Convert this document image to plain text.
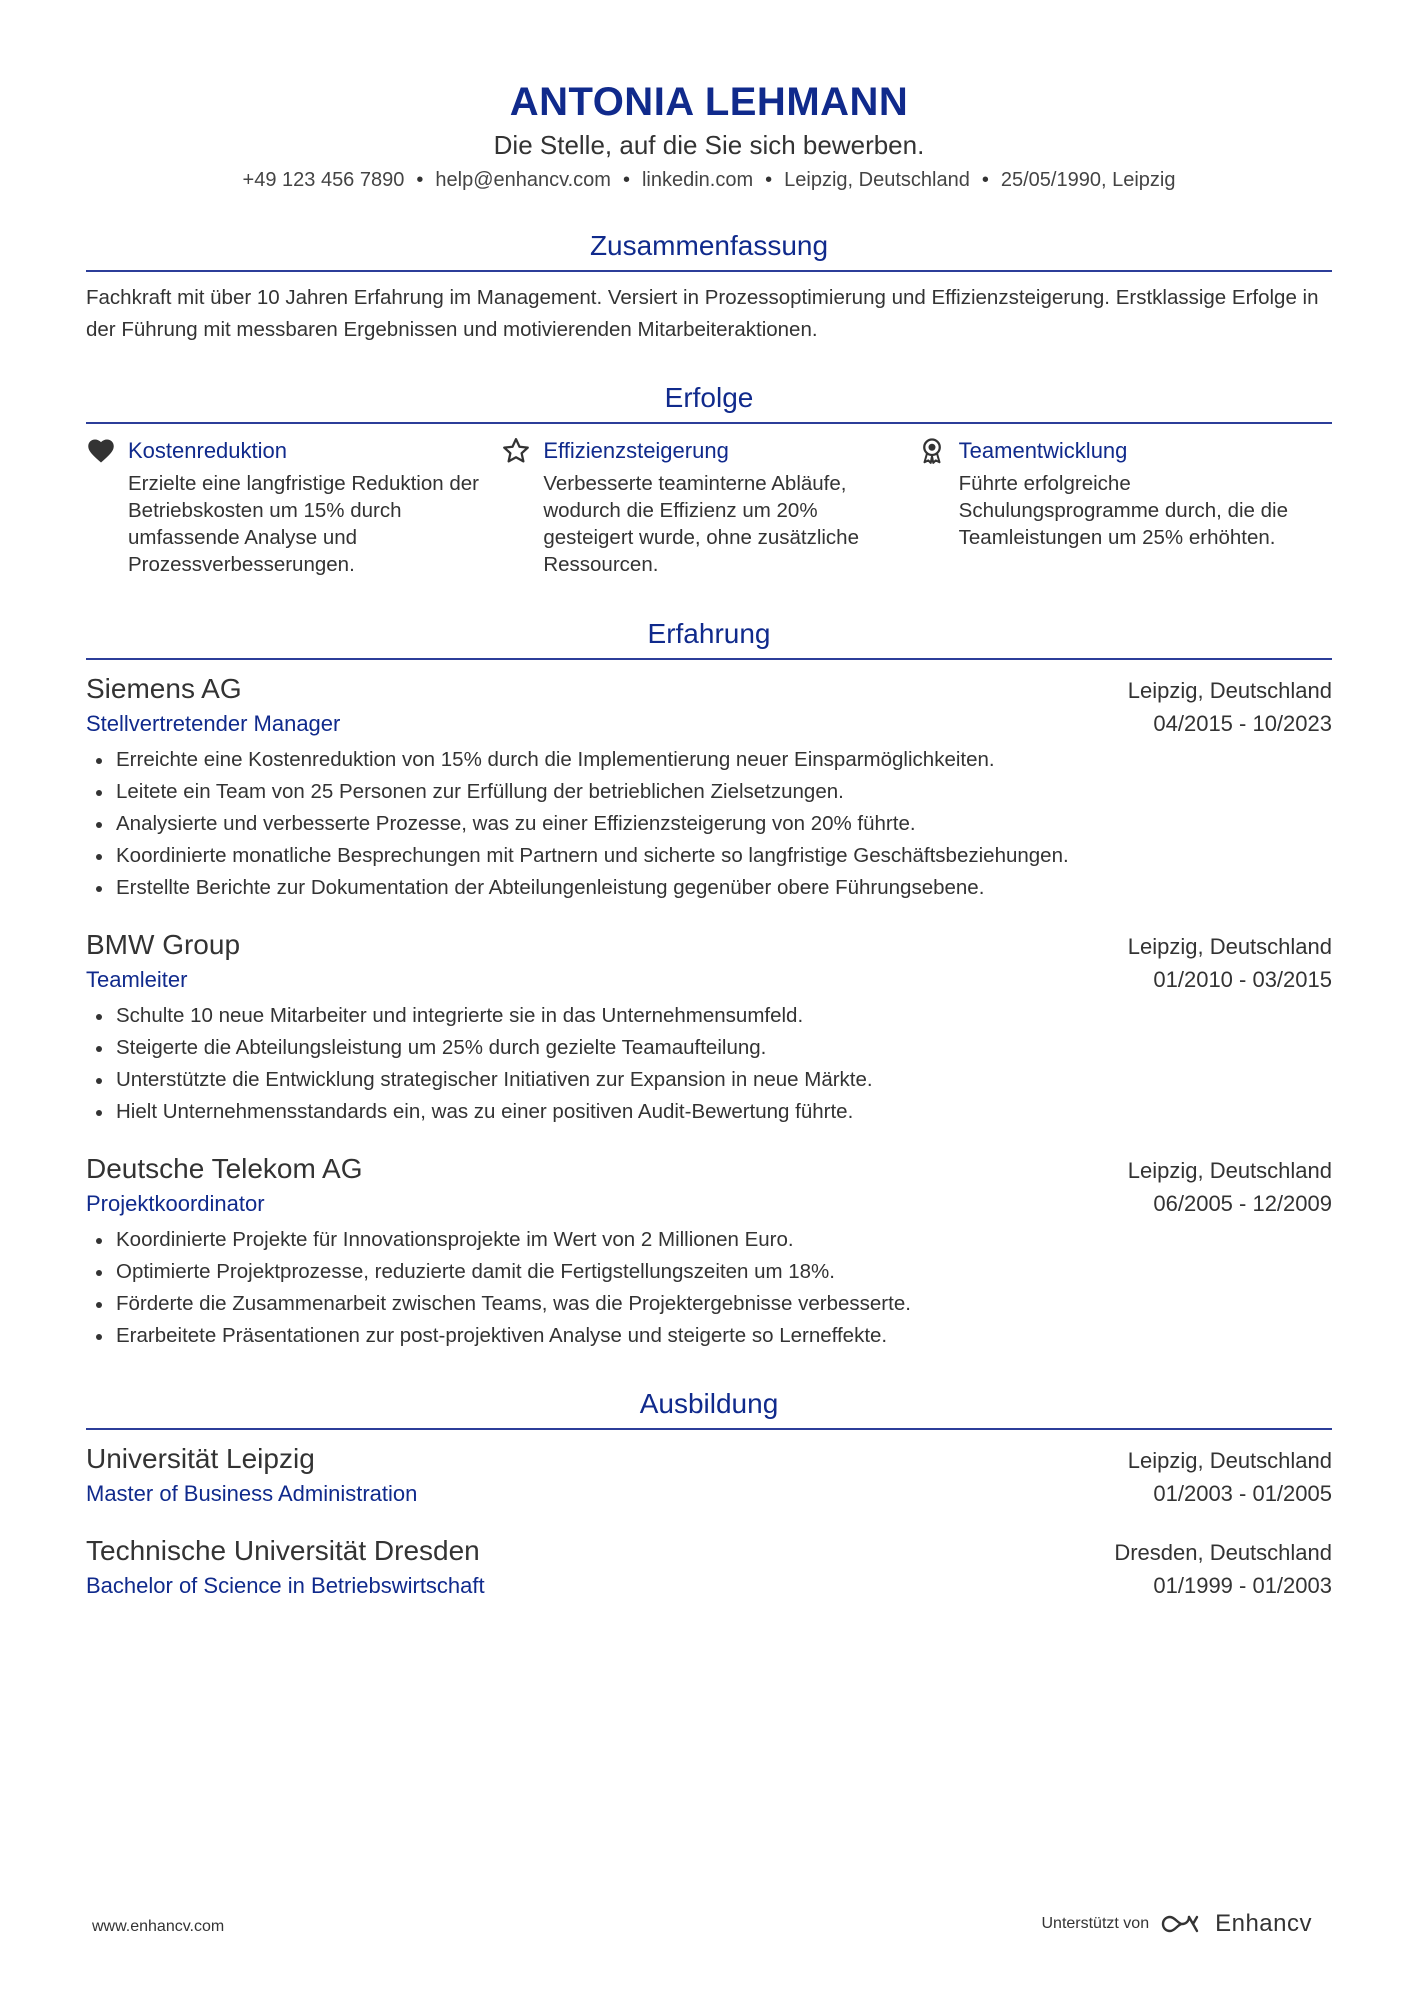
ANTONIA LEHMANN
Die Stelle, auf die Sie sich bewerben.
+49 123 456 7890 • help@enhancv.com • linkedin.com • Leipzig, Deutschland • 25/05/1990, Leipzig
Zusammenfassung
Fachkraft mit über 10 Jahren Erfahrung im Management. Versiert in Prozessoptimierung und Effizienzsteigerung. Erstklassige Erfolge in der Führung mit messbaren Ergebnissen und motivierenden Mitarbeiteraktionen.
Erfolge
Kostenreduktion
Erzielte eine langfristige Reduktion der Betriebskosten um 15% durch umfassende Analyse und Prozessverbesserungen.
Effizienzsteigerung
Verbesserte teaminterne Abläufe, wodurch die Effizienz um 20% gesteigert wurde, ohne zusätzliche Ressourcen.
Teamentwicklung
Führte erfolgreiche Schulungsprogramme durch, die die Teamleistungen um 25% erhöhten.
Erfahrung
Siemens AG	Leipzig, Deutschland
Stellvertretender Manager	04/2015 - 10/2023
Erreichte eine Kostenreduktion von 15% durch die Implementierung neuer Einsparmöglichkeiten.
Leitete ein Team von 25 Personen zur Erfüllung der betrieblichen Zielsetzungen.
Analysierte und verbesserte Prozesse, was zu einer Effizienzsteigerung von 20% führte.
Koordinierte monatliche Besprechungen mit Partnern und sicherte so langfristige Geschäftsbeziehungen.
Erstellte Berichte zur Dokumentation der Abteilungenleistung gegenüber obere Führungsebene.
BMW Group	Leipzig, Deutschland
Teamleiter	01/2010 - 03/2015
Schulte 10 neue Mitarbeiter und integrierte sie in das Unternehmensumfeld.
Steigerte die Abteilungsleistung um 25% durch gezielte Teamaufteilung.
Unterstützte die Entwicklung strategischer Initiativen zur Expansion in neue Märkte.
Hielt Unternehmensstandards ein, was zu einer positiven Audit-Bewertung führte.
Deutsche Telekom AG	Leipzig, Deutschland
Projektkoordinator	06/2005 - 12/2009
Koordinierte Projekte für Innovationsprojekte im Wert von 2 Millionen Euro.
Optimierte Projektprozesse, reduzierte damit die Fertigstellungszeiten um 18%.
Förderte die Zusammenarbeit zwischen Teams, was die Projektergebnisse verbesserte.
Erarbeitete Präsentationen zur post-projektiven Analyse und steigerte so Lerneffekte.
Ausbildung
Universität Leipzig	Leipzig, Deutschland
Master of Business Administration	01/2003 - 01/2005
Technische Universität Dresden	Dresden, Deutschland
Bachelor of Science in Betriebswirtschaft	01/1999 - 01/2003
www.enhancv.com	Unterstützt von	Enhancv
